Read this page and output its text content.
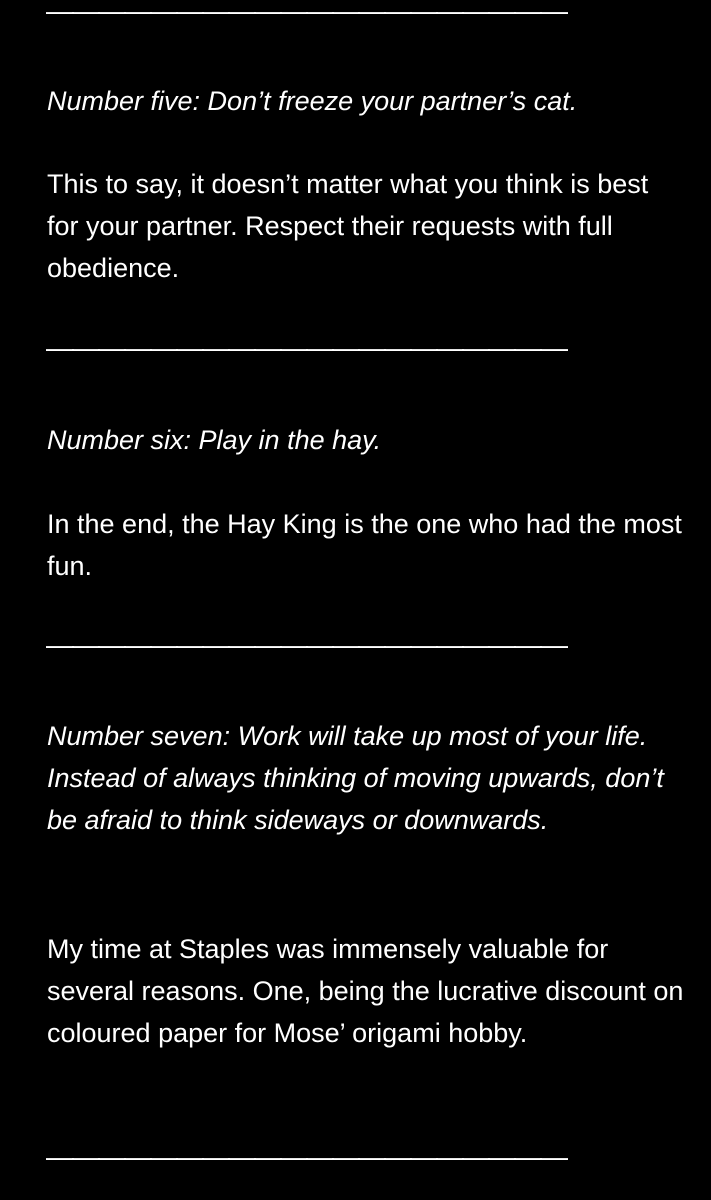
————————————————————
Number five: Don’t freeze your partner’s cat.
This to say, it doesn’t matter what you think is best for your partner. Respect their requests with full obedience.
————————————————————
Number six: Play in the hay.
In the end, the Hay King is the one who had the most fun.
————————————————————
Number seven: Work will take up most of your life. Instead of always thinking of moving upwards, don’t be afraid to think sideways or downwards.
My time at Staples was immensely valuable for several reasons. One, being the lucrative discount on coloured paper for Mose’ origami hobby.
————————————————————
